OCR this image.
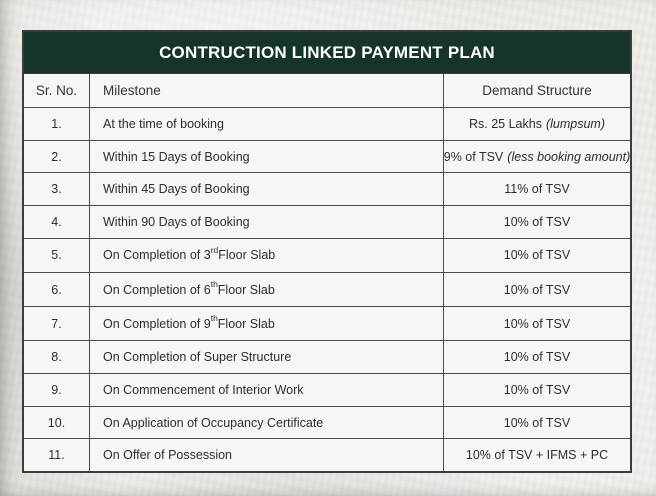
CONTRUCTION LINKED PAYMENT PLAN
Sr. No.	Milestone	Demand Structure
1.	At the time of booking	Rs. 25 Lakhs (lumpsum)
2.	Within 15 Days of Booking	9% of TSV (less booking amount)
3.	Within 45 Days of Booking	11% of TSV
4.	Within 90 Days of Booking	10% of TSV
5.	On Completion of 3 rd Floor Slab	10% of TSV
6.	On Completion of 6 th Floor Slab	10% of TSV
7.	On Completion of 9 th Floor Slab	10% of TSV
8.	On Completion of Super Structure	10% of TSV
9.	On Commencement of Interior Work	10% of TSV
10.	On Application of Occupancy Certificate	10% of TSV
11.	On Offer of Possession	10% of TSV + IFMS + PC
